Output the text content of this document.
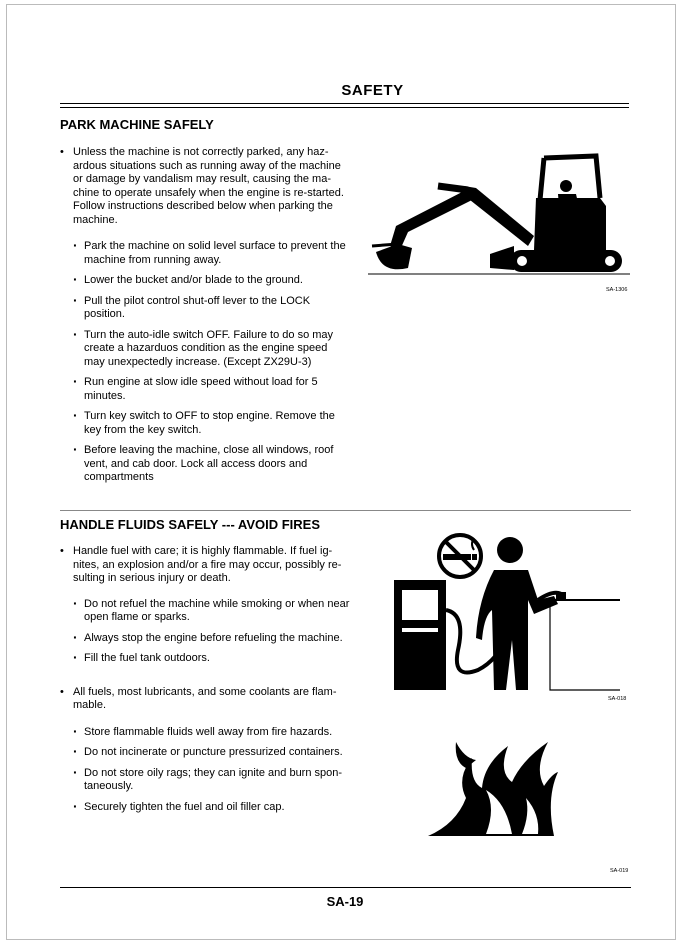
SAFETY
PARK MACHINE SAFELY
• Unless the machine is not correctly parked, any haz-
ardous situations such as running away of the machine
or damage by vandalism may result, causing the ma-
chine to operate unsafely when the engine is re-started.
Follow instructions described below when parking the
machine.
· Park the machine on solid level surface to prevent the
machine from running away.
· Lower the bucket and/or blade to the ground.
· Pull the pilot control shut-off lever to the LOCK
position.
· Turn the auto-idle switch OFF. Failure to do so may
create a hazarduos condition as the engine speed
may unexpectedly increase. (Except ZX29U-3)
· Run engine at slow idle speed without load for 5
minutes.
· Turn key switch to OFF to stop engine. Remove the
key from the key switch.
· Before leaving the machine, close all windows, roof
vent, and cab door. Lock all access doors and
compartments
SA-1306
HANDLE FLUIDS SAFELY --- AVOID FIRES
• Handle fuel with care; it is highly flammable. If fuel ig-
nites, an explosion and/or a fire may occur, possibly re-
sulting in serious injury or death.
· Do not refuel the machine while smoking or when near
open flame or sparks.
· Always stop the engine before refueling the machine.
· Fill the fuel tank outdoors.
• All fuels, most lubricants, and some coolants are flam-
mable.
· Store flammable fluids well away from fire hazards.
· Do not incinerate or puncture pressurized containers.
· Do not store oily rags; they can ignite and burn spon-
taneously.
· Securely tighten the fuel and oil filler cap.
SA-018
SA-019
SA-19
